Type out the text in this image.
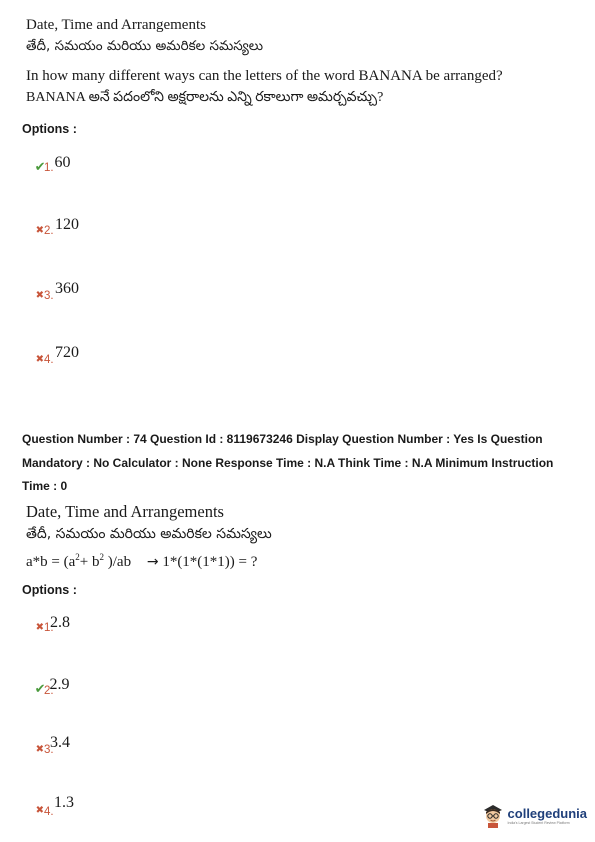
Date, Time and Arrangements
తేదీ, సమయం మరియు అమరికల సమస్యలు
In how many different ways can the letters of the word BANANA be arranged?
BANANA అనే పదంలోని అక్షరాలను ఎన్ని రకాలుగా అమర్చవచ్చు?
Options :
1.
✔ 60
2.
✖ 120
3.
✖ 360
4.
✖ 720
Question Number : 74 Question Id : 8119673246 Display Question Number : Yes Is Question
Mandatory : No Calculator : None Response Time : N.A Think Time : N.A Minimum Instruction
Time : 0
Date, Time and Arrangements
తేదీ, సమయం మరియు అమరికల సమస్యలు
$a*b = (a^2+ b^2$ )/ab → 1*(1*(1*1)) = ?
Options :
1.
✖ 2.8
2.
✔ 2.9
3.
✖ 3.4
4.
✖ 1.3
collegedunia
India's Largest Student Review Platform
